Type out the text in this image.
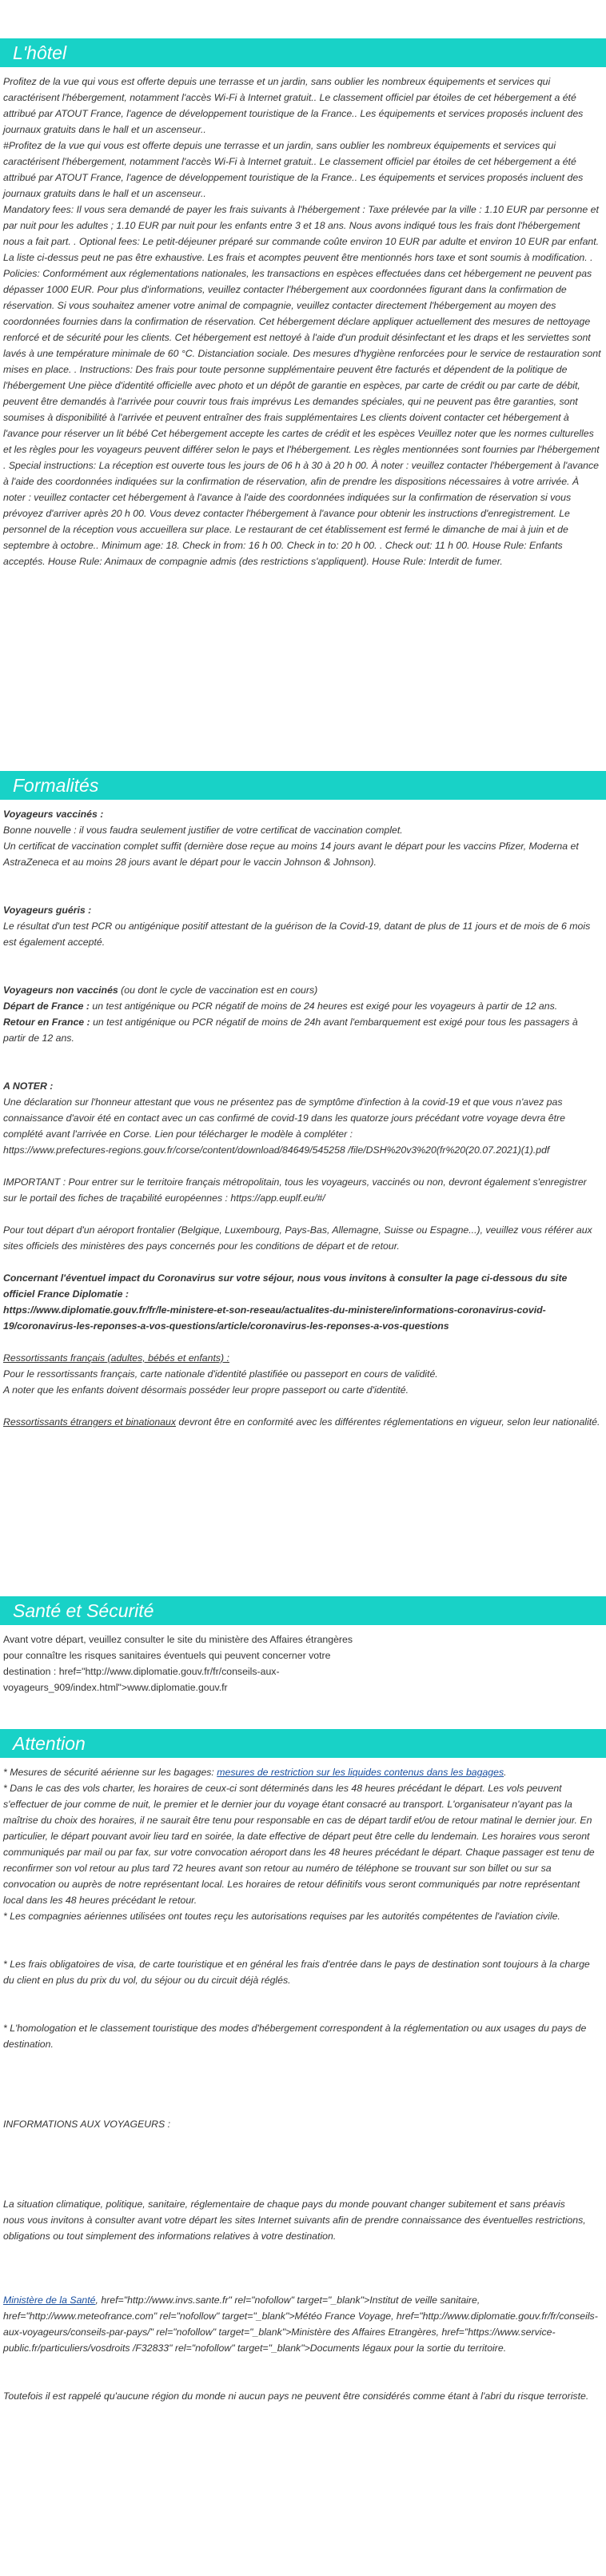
L'hôtel

Profitez de la vue qui vous est offerte depuis une terrasse et un jardin, sans oublier les nombreux équipements et services qui caractérisent l'hébergement, notamment l'accès Wi-Fi à Internet gratuit.. Le classement officiel par étoiles de cet hébergement a été attribué par ATOUT France, l'agence de développement touristique de la France.. Les équipements et services proposés incluent des journaux gratuits dans le hall et un ascenseur..

#Profitez de la vue qui vous est offerte depuis une terrasse et un jardin, sans oublier les nombreux équipements et services qui caractérisent l'hébergement, notamment l'accès Wi-Fi à Internet gratuit.. Le classement officiel par étoiles de cet hébergement a été attribué par ATOUT France, l'agence de développement touristique de la France.. Les équipements et services proposés incluent des journaux gratuits dans le hall et un ascenseur..

Mandatory fees: Il vous sera demandé de payer les frais suivants à l'hébergement : Taxe prélevée par la ville : 1.10 EUR par personne et par nuit pour les adultes ; 1.10 EUR par nuit pour les enfants entre 3 et 18 ans. Nous avons indiqué tous les frais dont l'hébergement nous a fait part. . Optional fees: Le petit-déjeuner préparé sur commande coûte environ 10 EUR par adulte et environ 10 EUR par enfant. La liste ci-dessus peut ne pas être exhaustive. Les frais et acomptes peuvent être mentionnés hors taxe et sont soumis à modification. . Policies: Conformément aux réglementations nationales, les transactions en espèces effectuées dans cet hébergement ne peuvent pas dépasser 1000 EUR. Pour plus d'informations, veuillez contacter l'hébergement aux coordonnées figurant dans la confirmation de réservation. Si vous souhaitez amener votre animal de compagnie, veuillez contacter directement l'hébergement au moyen des coordonnées fournies dans la confirmation de réservation. Cet hébergement déclare appliquer actuellement des mesures de nettoyage renforcé et de sécurité pour les clients. Cet hébergement est nettoyé à l'aide d'un produit désinfectant et les draps et les serviettes sont lavés à une température minimale de 60 °C. Distanciation sociale. Des mesures d'hygiène renforcées pour le service de restauration sont mises en place. . Instructions: Des frais pour toute personne supplémentaire peuvent être facturés et dépendent de la politique de l'hébergement Une pièce d'identité officielle avec photo et un dépôt de garantie en espèces, par carte de crédit ou par carte de débit, peuvent être demandés à l'arrivée pour couvrir tous frais imprévus Les demandes spéciales, qui ne peuvent pas être garanties, sont soumises à disponibilité à l'arrivée et peuvent entraîner des frais supplémentaires Les clients doivent contacter cet hébergement à l'avance pour réserver un lit bébé Cet hébergement accepte les cartes de crédit et les espèces Veuillez noter que les normes culturelles et les règles pour les voyageurs peuvent différer selon le pays et l'hébergement. Les règles mentionnées sont fournies par l'hébergement . Special instructions: La réception est ouverte tous les jours de 06 h à 30 à 20 h 00. À noter : veuillez contacter l'hébergement à l'avance à l'aide des coordonnées indiquées sur la confirmation de réservation, afin de prendre les dispositions nécessaires à votre arrivée. À noter : veuillez contacter cet hébergement à l'avance à l'aide des coordonnées indiquées sur la confirmation de réservation si vous prévoyez d'arriver après 20 h 00. Vous devez contacter l'hébergement à l'avance pour obtenir les instructions d'enregistrement. Le personnel de la réception vous accueillera sur place. Le restaurant de cet établissement est fermé le dimanche de mai à juin et de septembre à octobre.. Minimum age: 18. Check in from: 16 h 00. Check in to: 20 h 00. . Check out: 11 h 00. House Rule: Enfants acceptés. House Rule: Animaux de compagnie admis (des restrictions s'appliquent). House Rule: Interdit de fumer.

Formalités

Voyageurs vaccinés :

Bonne nouvelle : il vous faudra seulement justifier de votre certificat de vaccination complet.

Un certificat de vaccination complet suffit (dernière dose reçue au moins 14 jours avant le départ pour les vaccins Pfizer, Moderna et AstraZeneca et au moins 28 jours avant le départ pour le vaccin Johnson & Johnson).

Voyageurs guéris :

Le résultat d'un test PCR ou antigénique positif attestant de la guérison de la Covid-19, datant de plus de 11 jours et de mois de 6 mois est également accepté.

Voyageurs non vaccinés (ou dont le cycle de vaccination est en cours)

Départ de France : un test antigénique ou PCR négatif de moins de 24 heures est exigé pour les voyageurs à partir de 12 ans.

Retour en France : un test antigénique ou PCR négatif de moins de 24h avant l'embarquement est exigé pour tous les passagers à partir de 12 ans.

A NOTER :

Une déclaration sur l'honneur attestant que vous ne présentez pas de symptôme d'infection à la covid-19 et que vous n'avez pas connaissance d'avoir été en contact avec un cas confirmé de covid-19 dans les quatorze jours précédant votre voyage devra être complété avant l'arrivée en Corse. Lien pour télécharger le modèle à compléter :

https://www.prefectures-regions.gouv.fr/corse/content/download/84649/545258 /file/DSH%20v3%20(fr%20(20.07.2021)(1).pdf

IMPORTANT : Pour entrer sur le territoire français métropolitain, tous les voyageurs, vaccinés ou non, devront également s'enregistrer sur le portail des fiches de traçabilité européennes : https://app.euplf.eu/#/

Pour tout départ d'un aéroport frontalier (Belgique, Luxembourg, Pays-Bas, Allemagne, Suisse ou Espagne...), veuillez vous référer aux sites officiels des ministères des pays concernés pour les conditions de départ et de retour.

Concernant l'éventuel impact du Coronavirus sur votre séjour, nous vous invitons à consulter la page ci-dessous du site officiel France Diplomatie :

https://www.diplomatie.gouv.fr/fr/le-ministere-et-son-reseau/actualites-du-ministere/informations-coronavirus-covid-19/coronavirus-les-reponses-a-vos-questions/article/coronavirus-les-reponses-a-vos-questions

Ressortissants français (adultes, bébés et enfants) :

Pour le ressortissants français, carte nationale d'identité plastifiée ou passeport en cours de validité.

A noter que les enfants doivent désormais posséder leur propre passeport ou carte d'identité.

Ressortissants étrangers et binationaux devront être en conformité avec les différentes réglementations en vigueur, selon leur nationalité.

Santé et Sécurité

Avant votre départ, veuillez consulter le site du ministère des Affaires étrangères pour connaître les risques sanitaires éventuels qui peuvent concerner votre destination : href="http://www.diplomatie.gouv.fr/fr/conseils-aux-voyageurs_909/index.html">www.diplomatie.gouv.fr

Attention

* Mesures de sécurité aérienne sur les bagages: mesures de restriction sur les liquides contenus dans les bagages.

* Dans le cas des vols charter, les horaires de ceux-ci sont déterminés dans les 48 heures précédant le départ. Les vols peuvent s'effectuer de jour comme de nuit, le premier et le dernier jour du voyage étant consacré au transport. L'organisateur n'ayant pas la maîtrise du choix des horaires, il ne saurait être tenu pour responsable en cas de départ tardif et/ou de retour matinal le dernier jour. En particulier, le départ pouvant avoir lieu tard en soirée, la date effective de départ peut être celle du lendemain. Les horaires vous seront communiqués par mail ou par fax, sur votre convocation aéroport dans les 48 heures précédant le départ. Chaque passager est tenu de reconfirmer son vol retour au plus tard 72 heures avant son retour au numéro de téléphone se trouvant sur son billet ou sur sa convocation ou auprès de notre représentant local. Les horaires de retour définitifs vous seront communiqués par notre représentant local dans les 48 heures précédant le retour.

* Les compagnies aériennes utilisées ont toutes reçu les autorisations requises par les autorités compétentes de l'aviation civile.

* Les frais obligatoires de visa, de carte touristique et en général les frais d'entrée dans le pays de destination sont toujours à la charge du client en plus du prix du vol, du séjour ou du circuit déjà réglés.

* L'homologation et le classement touristique des modes d'hébergement correspondent à la réglementation ou aux usages du pays de destination.

INFORMATIONS AUX VOYAGEURS :

La situation climatique, politique, sanitaire, réglementaire de chaque pays du monde pouvant changer subitement et sans préavis

nous vous invitons à consulter avant votre départ les sites Internet suivants afin de prendre connaissance des éventuelles restrictions, obligations ou tout simplement des informations relatives à votre destination.

Ministère de la Santé, href="http://www.invs.sante.fr" rel="nofollow" target="_blank">Institut de veille sanitaire, href="http://www.meteofrance.com" rel="nofollow" target="_blank">Météo France Voyage, href="http://www.diplomatie.gouv.fr/fr/conseils-aux-voyageurs/conseils-par-pays/" rel="nofollow" target="_blank">Ministère des Affaires Etrangères, href="https://www.service-public.fr/particuliers/vosdroits /F32833" rel="nofollow" target="_blank">Documents légaux pour la sortie du territoire.

Toutefois il est rappelé qu'aucune région du monde ni aucun pays ne peuvent être considérés comme étant à l'abri du risque terroriste.
